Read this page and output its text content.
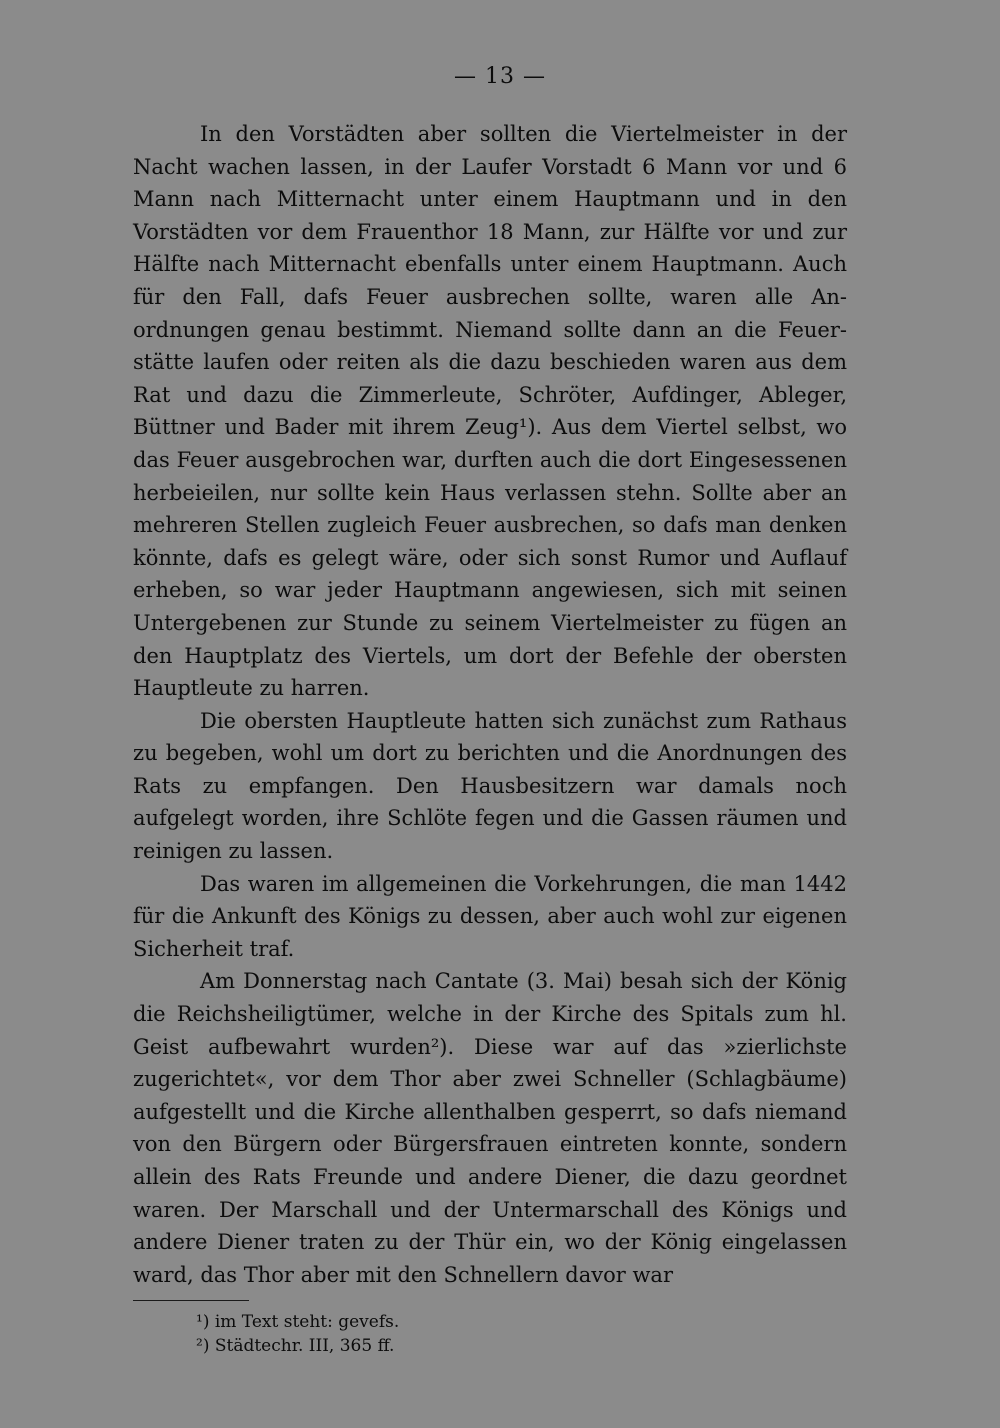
— 13 —

In den Vorstädten aber sollten die Viertelmeister in der Nacht wachen lassen, in der Laufer Vorstadt 6 Mann vor und 6 Mann nach Mitternacht unter einem Hauptmann und in den Vorstädten vor dem Frauenthor 18 Mann, zur Hälfte vor und zur Hälfte nach Mitternacht ebenfalls unter einem Hauptmann. Auch für den Fall, dafs Feuer ausbrechen sollte, waren alle Anordnungen genau bestimmt. Niemand sollte dann an die Feuerstätte laufen oder reiten als die dazu beschieden waren aus dem Rat und dazu die Zimmerleute, Schröter, Aufdinger, Ableger, Büttner und Bader mit ihrem Zeug¹). Aus dem Viertel selbst, wo das Feuer ausgebrochen war, durften auch die dort Eingesessenen herbeieilen, nur sollte kein Haus verlassen stehn. Sollte aber an mehreren Stellen zugleich Feuer ausbrechen, so dafs man denken könnte, dafs es gelegt wäre, oder sich sonst Rumor und Auflauf erheben, so war jeder Hauptmann angewiesen, sich mit seinen Untergebenen zur Stunde zu seinem Viertelmeister zu fügen an den Hauptplatz des Viertels, um dort der Befehle der obersten Hauptleute zu harren.

Die obersten Hauptleute hatten sich zunächst zum Rathaus zu begeben, wohl um dort zu berichten und die Anordnungen des Rats zu empfangen. Den Hausbesitzern war damals noch aufgelegt worden, ihre Schlöte fegen und die Gassen räumen und reinigen zu lassen.

Das waren im allgemeinen die Vorkehrungen, die man 1442 für die Ankunft des Königs zu dessen, aber auch wohl zur eigenen Sicherheit traf.

Am Donnerstag nach Cantate (3. Mai) besah sich der König die Reichsheiligtümer, welche in der Kirche des Spitals zum hl. Geist aufbewahrt wurden²). Diese war auf das »zierlichste zugerichtet«, vor dem Thor aber zwei Schneller (Schlagbäume) aufgestellt und die Kirche allenthalben gesperrt, so dafs niemand von den Bürgern oder Bürgersfrauen eintreten konnte, sondern allein des Rats Freunde und andere Diener, die dazu geordnet waren. Der Marschall und der Untermarschall des Königs und andere Diener traten zu der Thür ein, wo der König eingelassen ward, das Thor aber mit den Schnellern davor war

¹) im Text steht: gevefs.
²) Städtechr. III, 365 ff.
